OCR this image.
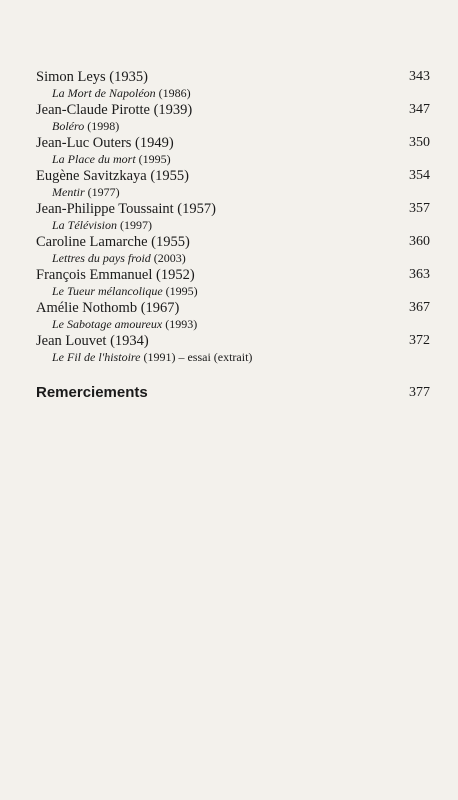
Simon Leys (1935)
La Mort de Napoléon (1986)
343
Jean-Claude Pirotte (1939)
Boléro (1998)
347
Jean-Luc Outers (1949)
La Place du mort (1995)
350
Eugène Savitzkaya (1955)
Mentir (1977)
354
Jean-Philippe Toussaint (1957)
La Télévision (1997)
357
Caroline Lamarche (1955)
Lettres du pays froid (2003)
360
François Emmanuel (1952)
Le Tueur mélancolique (1995)
363
Amélie Nothomb (1967)
Le Sabotage amoureux (1993)
367
Jean Louvet (1934)
Le Fil de l'histoire (1991) – essai (extrait)
372
Remerciements	377
